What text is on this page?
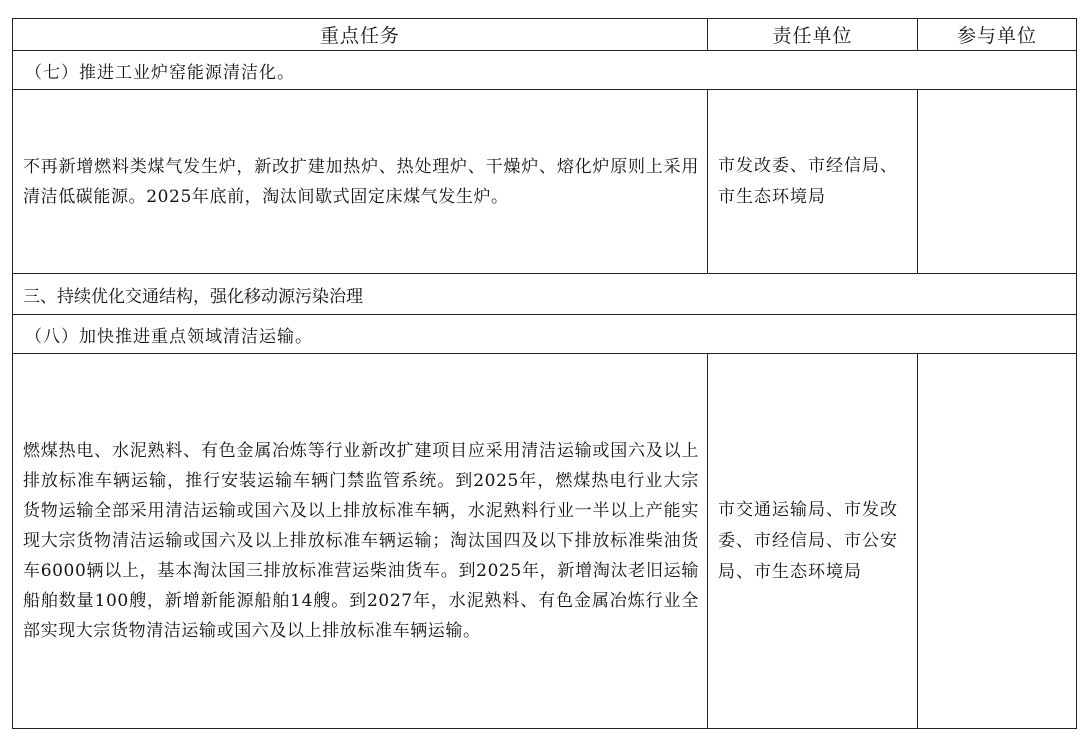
重点任务	责任单位	参与单位
（七）推进工业炉窑能源清洁化。		

不再新增燃料类煤气发生炉，新改扩建加热炉、热处理炉、干燥炉、熔化炉原则上采用清洁低碳能源。2025年底前，淘汰间歇式固定床煤气发生炉。	市发改委、市经信局、市生态环境局	

三、持续优化交通结构，强化移动源污染治理		
（八）加快推进重点领域清洁运输。		

燃煤热电、水泥熟料、有色金属冶炼等行业新改扩建项目应采用清洁运输或国六及以上排放标准车辆运输，推行安装运输车辆门禁监管系统。到2025年，燃煤热电行业大宗货物运输全部采用清洁运输或国六及以上排放标准车辆，水泥熟料行业一半以上产能实现大宗货物清洁运输或国六及以上排放标准车辆运输；淘汰国四及以下排放标准柴油货车6000辆以上，基本淘汰国三排放标准营运柴油货车。到2025年，新增淘汰老旧运输船舶数量100艘，新增新能源船舶14艘。到2027年，水泥熟料、有色金属冶炼行业全部实现大宗货物清洁运输或国六及以上排放标准车辆运输。	市交通运输局、市发改委、市经信局、市公安局、市生态环境局	
